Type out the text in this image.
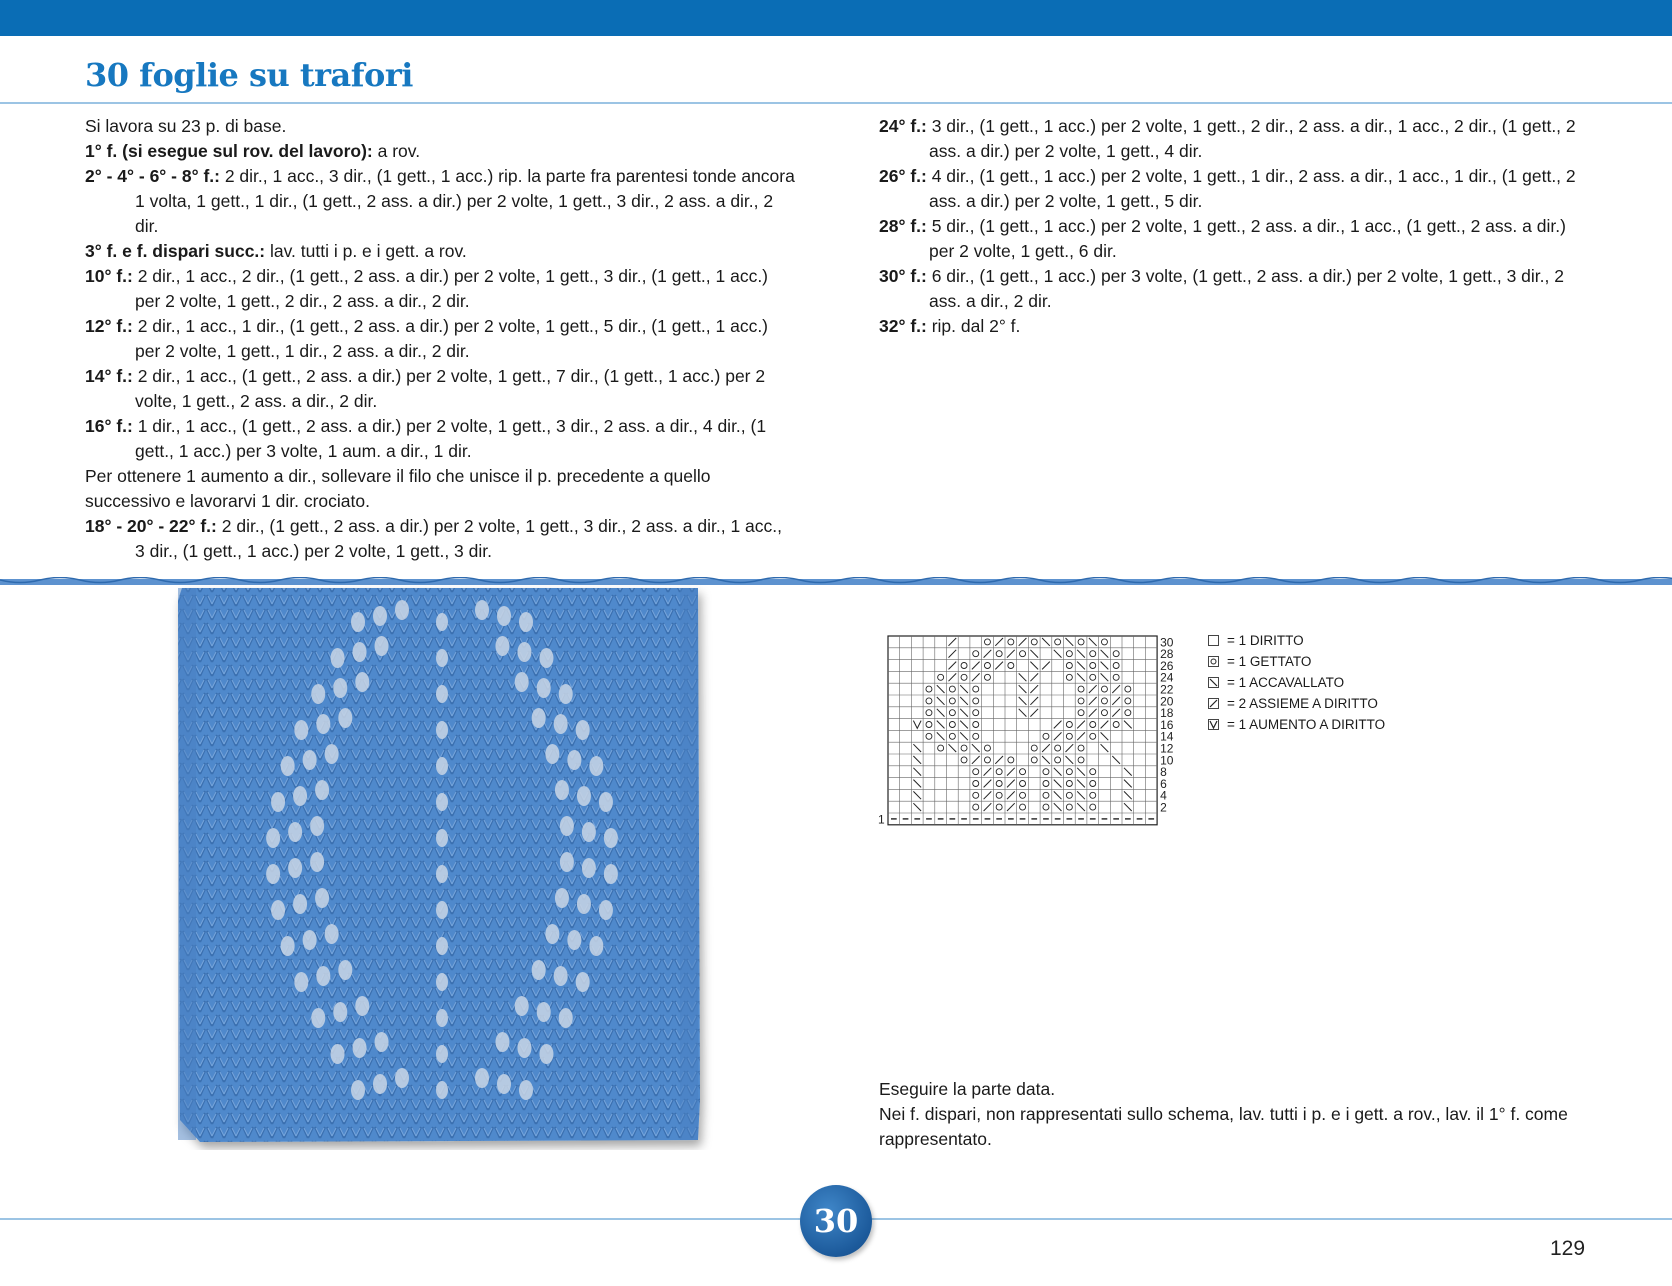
30 foglie su trafori

Si lavora su 23 p. di base.

1° f. (si esegue sul rov. del lavoro): a rov.

2° - 4° - 6° - 8° f.: 2 dir., 1 acc., 3 dir., (1 gett., 1 acc.) rip. la parte fra parentesi tonde ancora 1 volta, 1 gett., 1 dir., (1 gett., 2 ass. a dir.) per 2 volte, 1 gett., 3 dir., 2 ass. a dir., 2 dir.

3° f. e f. dispari succ.: lav. tutti i p. e i gett. a rov.

10° f.: 2 dir., 1 acc., 2 dir., (1 gett., 2 ass. a dir.) per 2 volte, 1 gett., 3 dir., (1 gett., 1 acc.) per 2 volte, 1 gett., 2 dir., 2 ass. a dir., 2 dir.

12° f.: 2 dir., 1 acc., 1 dir., (1 gett., 2 ass. a dir.) per 2 volte, 1 gett., 5 dir., (1 gett., 1 acc.) per 2 volte, 1 gett., 1 dir., 2 ass. a dir., 2 dir.

14° f.: 2 dir., 1 acc., (1 gett., 2 ass. a dir.) per 2 volte, 1 gett., 7 dir., (1 gett., 1 acc.) per 2 volte, 1 gett., 2 ass. a dir., 2 dir.

16° f.: 1 dir., 1 acc., (1 gett., 2 ass. a dir.) per 2 volte, 1 gett., 3 dir., 2 ass. a dir., 4 dir., (1 gett., 1 acc.) per 3 volte, 1 aum. a dir., 1 dir.

Per ottenere 1 aumento a dir., sollevare il filo che unisce il p. precedente a quello successivo e lavorarvi 1 dir. crociato.

18° - 20° - 22° f.: 2 dir., (1 gett., 2 ass. a dir.) per 2 volte, 1 gett., 3 dir., 2 ass. a dir., 1 acc., 3 dir., (1 gett., 1 acc.) per 2 volte, 1 gett., 3 dir.

24° f.: 3 dir., (1 gett., 1 acc.) per 2 volte, 1 gett., 2 dir., 2 ass. a dir., 1 acc., 2 dir., (1 gett., 2 ass. a dir.) per 2 volte, 1 gett., 4 dir.

26° f.: 4 dir., (1 gett., 1 acc.) per 2 volte, 1 gett., 1 dir., 2 ass. a dir., 1 acc., 1 dir., (1 gett., 2 ass. a dir.) per 2 volte, 1 gett., 5 dir.

28° f.: 5 dir., (1 gett., 1 acc.) per 2 volte, 1 gett., 2 ass. a dir., 1 acc., (1 gett., 2 ass. a dir.) per 2 volte, 1 gett., 6 dir.

30° f.: 6 dir., (1 gett., 1 acc.) per 3 volte, (1 gett., 2 ass. a dir.) per 2 volte, 1 gett., 3 dir., 2 ass. a dir., 2 dir.

32° f.: rip. dal 2° f.

30
28
26
24
22
20
18
16
14
12
10
8
6
4
2
1
= 1 DIRITTO
= 1 GETTATO
= 1 ACCAVALLATO
= 2 ASSIEME A DIRITTO
= 1 AUMENTO A DIRITTO

Eseguire la parte data.

Nei f. dispari, non rappresentati sullo schema, lav. tutti i p. e i gett. a rov., lav. il 1° f. come rappresentato.

30
129
